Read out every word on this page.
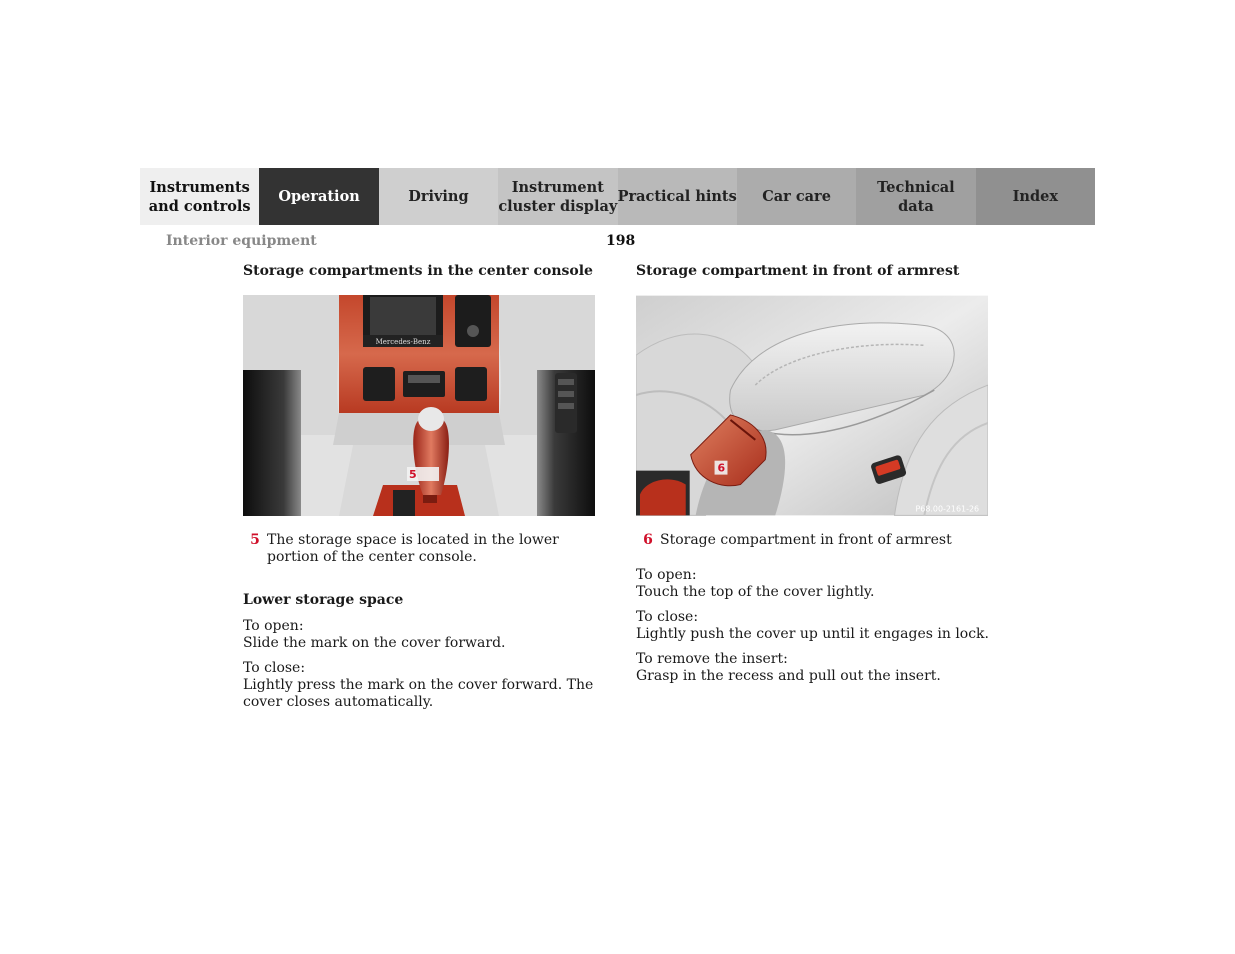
Instruments
and controls
Operation	Driving
Instrument
cluster display
Practical hints	Car care
Technical
data
Index
Interior equipment	198
Storage compartments in the center console
Mercedes-Benz
5
5 The storage space is located in the lower portion of the center console.
Lower storage space

To open:

Slide the mark on the cover forward.

To close:

Lightly press the mark on the cover forward. The cover closes automatically.

Storage compartment in front of armrest
6
P68.00-2161-26
6 Storage compartment in front of armrest

To open:

Touch the top of the cover lightly.

To close:

Lightly push the cover up until it engages in lock.

To remove the insert:

Grasp in the recess and pull out the insert.
